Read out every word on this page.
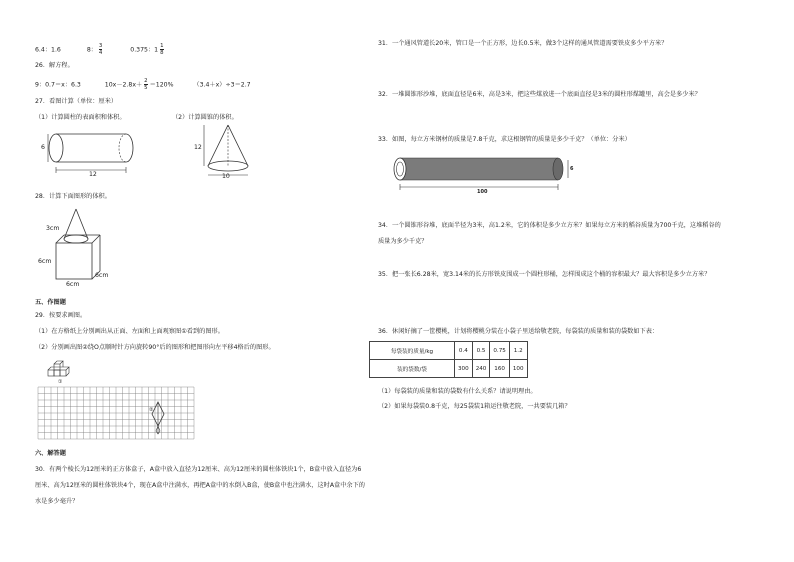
6.4：1.6	8： $\frac{3}{4}$	0.375：$1 \frac{1}{8}$
26．解方程。
9：0.7＝x：6.3	$10x-2.8x+ \frac{2}{5} =120\%$	（3.4＋x）÷3＝2.7
27．看图计算（单位：厘米）
（1）计算圆柱的表面积和体积。	（2）计算圆锥的体积。
6
12
12
10
28．计算下面图形的体积。
3cm
6cm
6cm
6cm
五、作图题
29．按要求画图。
（1）在方格纸上分别画出从正面、左面和上面观察图①看到的图形。
（2）分别画出图②绕O点顺时针方向旋转90°后的图形和把图形向左平移4格后的图形。
①
②
六、解答题
30．有两个棱长为12厘米的正方体盒子，A盒中放入直径为12厘米、高为12厘米的圆柱体铁块1个，B盒中放入直径为6厘米、高为12厘米的圆柱体铁块4个，现在A盒中注满水，再把A盒中的水倒入B盒，使B盒中也注满水，这时A盒中余下的水是多少毫升？
31．一个通风管道长20米，管口是一个正方形，边长0.5米，做3个这样的通风管道需要铁皮多少平方米？
32．一堆圆锥形沙堆，底面直径是6米，高是3米，把这些煤放进一个底面直径是3米的圆柱形煤罐里，高会是多少米？
33．如图，每立方米钢材的质量是7.8千克，求这根钢管的质量是多少千克？（单位：分米）
6
100
34．一个圆锥形谷堆，底面半径为3米，高1.2米，它的体积是多少立方米？如果每立方米的稻谷质量为700千克，这堆稻谷的质量为多少千克？
35．把一张长6.28米，宽3.14米的长方形铁皮围成一个圆柱形桶，怎样围成这个桶的容积最大？最大容积是多少立方米？
36．休闲好摘了一筐樱桃，计划将樱桃分装在小袋子里送给敬老院，每袋装的质量和装的袋数如下表：
每袋装的质量/kg	0.4	0.5	0.75	1.2
装的袋数/袋	300	240	160	100
（1）每袋装的质量和装的袋数有什么关系？请说明理由。
（2）如果每袋装0.8千克，每25袋装1箱运往敬老院，一共要装几箱？
